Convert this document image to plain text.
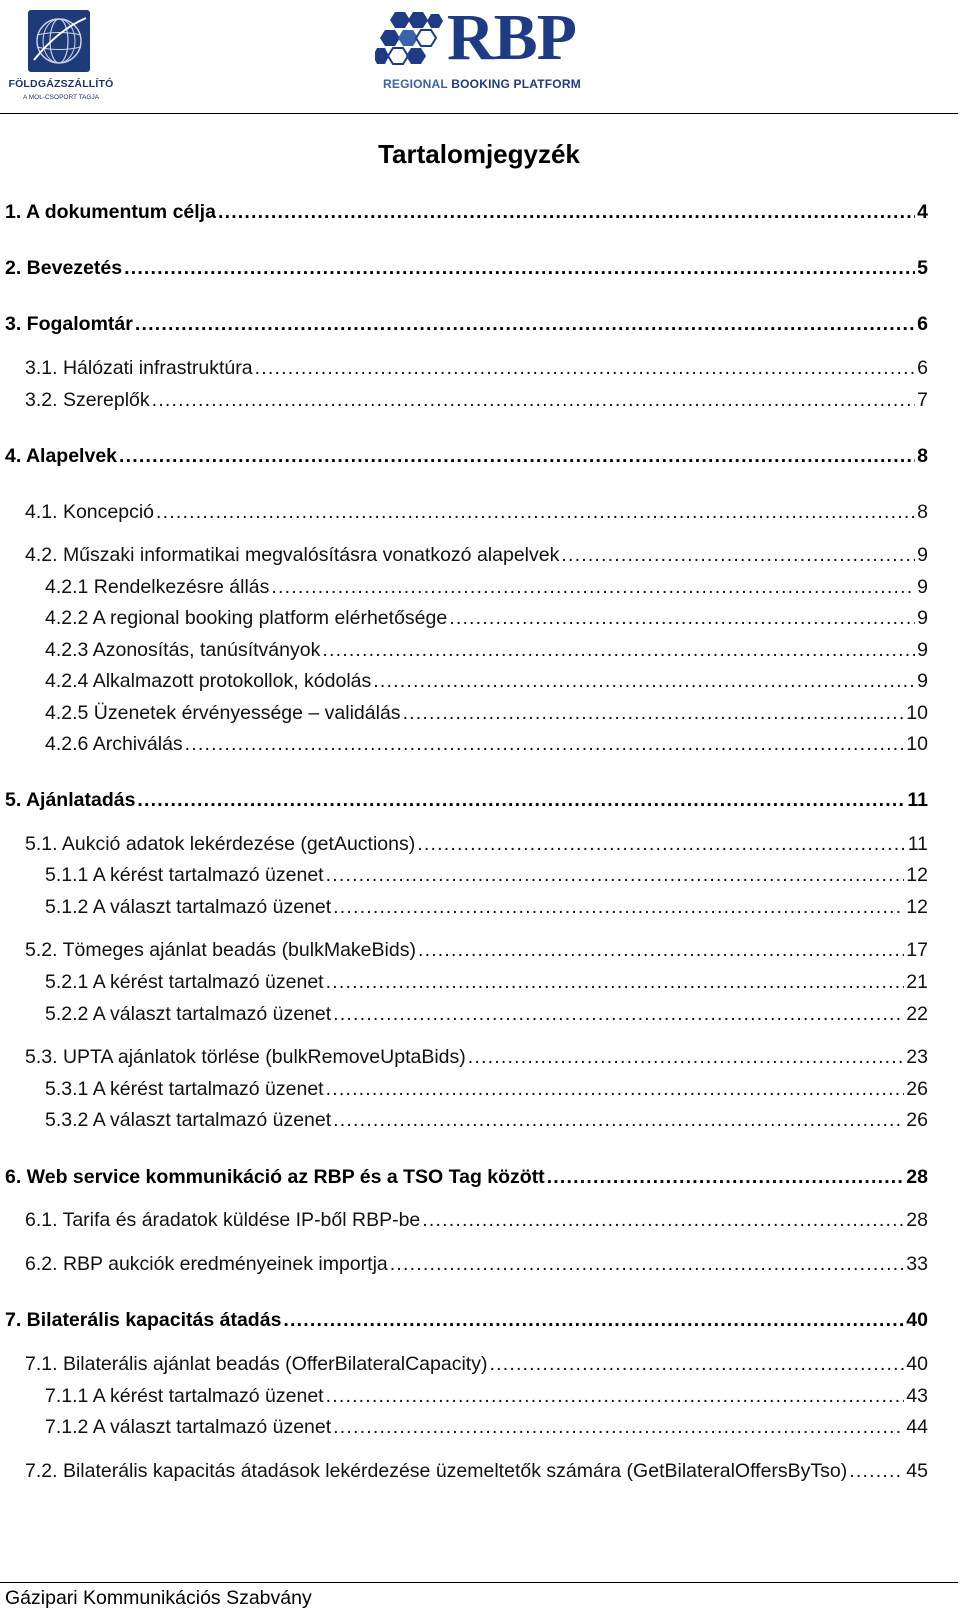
FÖLDGÁZSZÁLLÍTÓ
A MOL-CSOPORT TAGJA
RBP
REGIONAL BOOKING PLATFORM
Tartalomjegyzék
1. A dokumentum célja .....	4
2. Bevezetés .....	5
3. Fogalomtár .....	6
3.1. Hálózati infrastruktúra .....	6
3.2. Szereplők .....	7
4. Alapelvek .....	8
4.1. Koncepció .....	8
4.2. Műszaki informatikai megvalósításra vonatkozó alapelvek .....	9
4.2.1 Rendelkezésre állás .....	9
4.2.2 A regional booking platform elérhetősége .....	9
4.2.3 Azonosítás, tanúsítványok .....	9
4.2.4 Alkalmazott protokollok, kódolás .....	9
4.2.5 Üzenetek érvényessége – validálás .....	10
4.2.6 Archiválás .....	10
5. Ajánlatadás .....	11
5.1. Aukció adatok lekérdezése (getAuctions) .....	11
5.1.1 A kérést tartalmazó üzenet .....	12
5.1.2 A választ tartalmazó üzenet .....	12
5.2. Tömeges ajánlat beadás (bulkMakeBids) .....	17
5.2.1 A kérést tartalmazó üzenet .....	21
5.2.2 A választ tartalmazó üzenet .....	22
5.3. UPTA ajánlatok törlése (bulkRemoveUptaBids) .....	23
5.3.1 A kérést tartalmazó üzenet .....	26
5.3.2 A választ tartalmazó üzenet .....	26
6. Web service kommunikáció az RBP és a TSO Tag között .....	28
6.1. Tarifa és áradatok küldése IP-ből RBP-be .....	28
6.2. RBP aukciók eredményeinek importja .....	33
7. Bilaterális kapacitás átadás .....	40
7.1. Bilaterális ajánlat beadás (OfferBilateralCapacity) .....	40
7.1.1 A kérést tartalmazó üzenet .....	43
7.1.2 A választ tartalmazó üzenet .....	44
7.2. Bilaterális kapacitás átadások lekérdezése üzemeltetők számára (GetBilateralOffersByTso) .....	45
Gázipari Kommunikációs Szabvány
